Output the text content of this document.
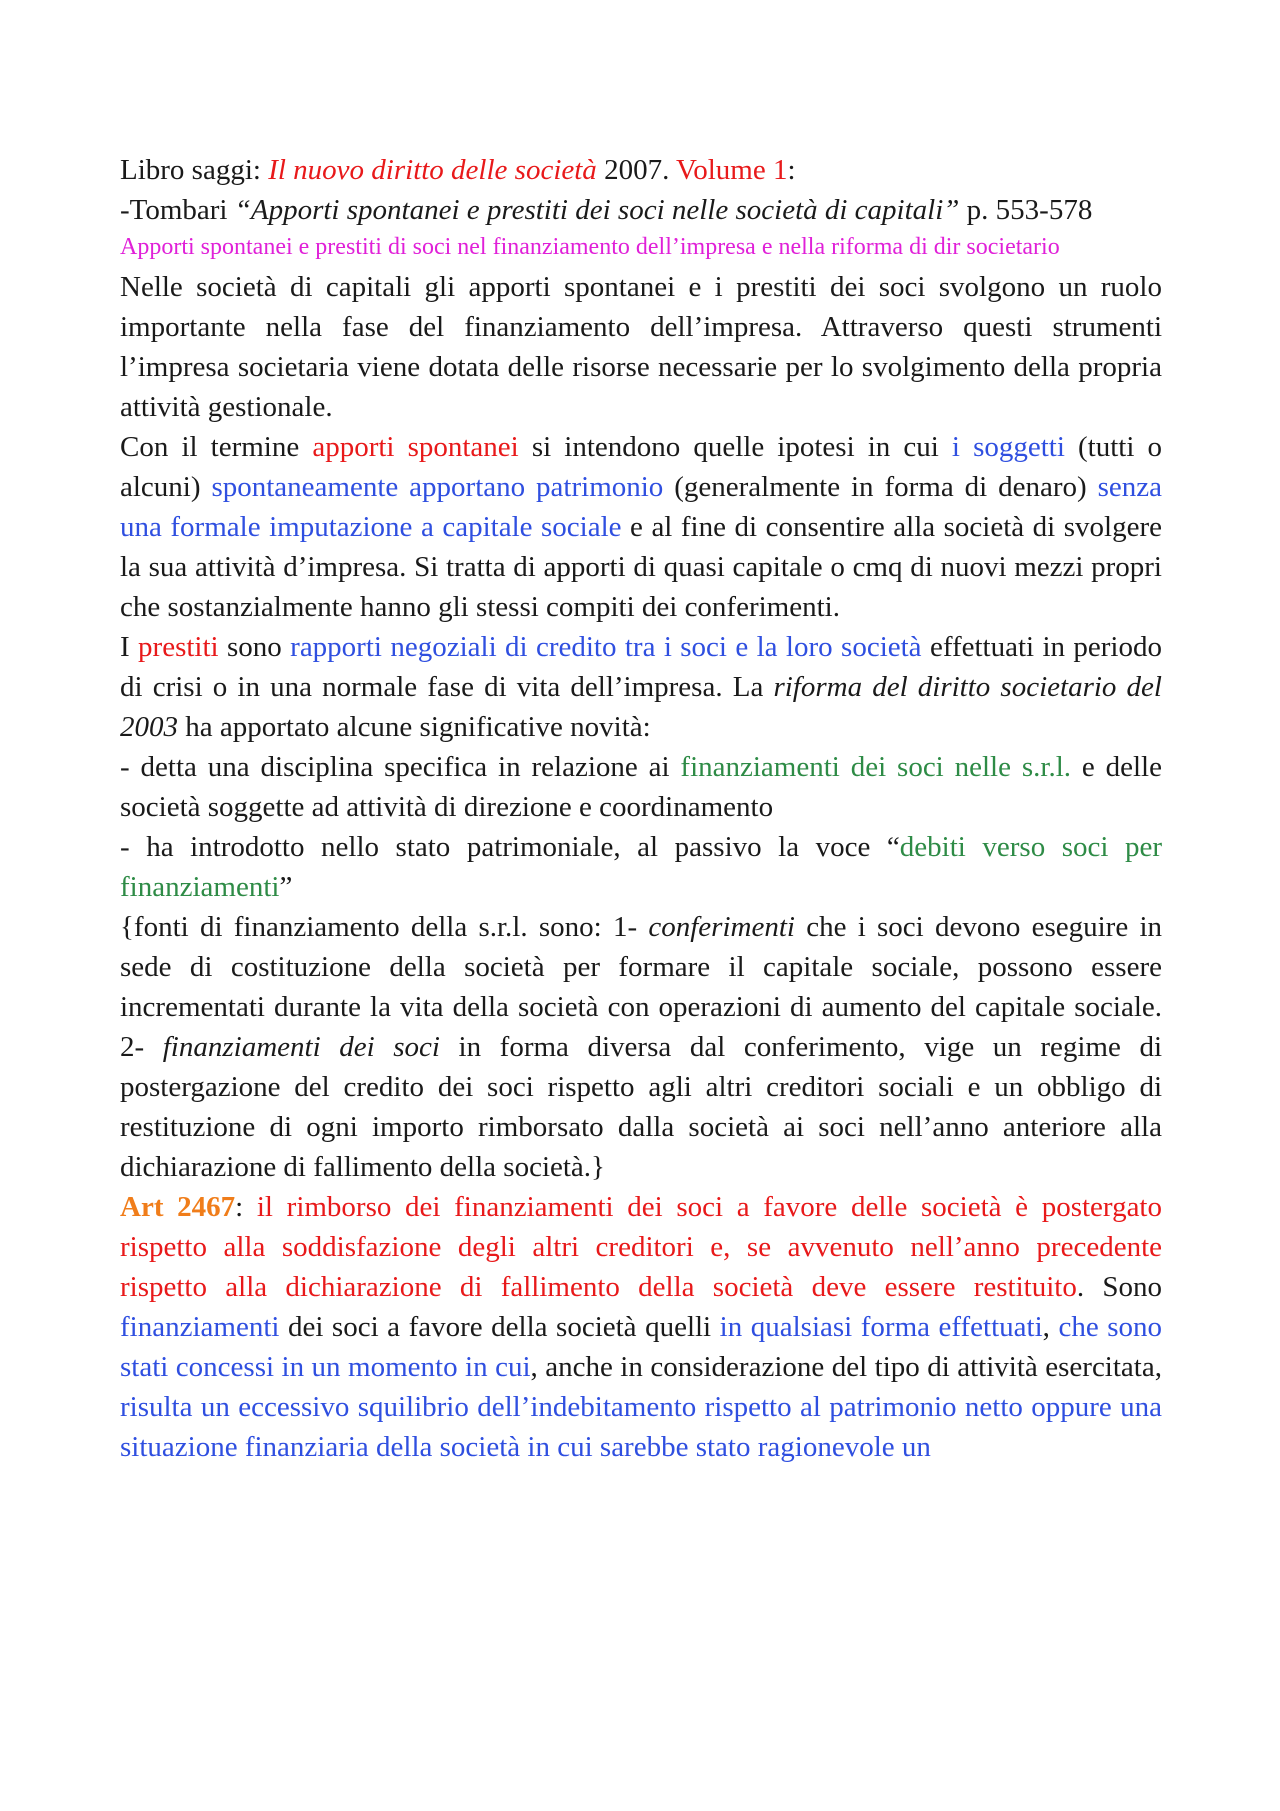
Libro saggi: Il nuovo diritto delle società 2007. Volume 1:

-Tombari “Apporti spontanei e prestiti dei soci nelle società di capitali” p. 553-578

Apporti spontanei e prestiti di soci nel finanziamento dell’impresa e nella riforma di dir societario

Nelle società di capitali gli apporti spontanei e i prestiti dei soci svolgono un ruolo importante nella fase del finanziamento dell’impresa. Attraverso questi strumenti l’impresa societaria viene dotata delle risorse necessarie per lo svolgimento della propria attività gestionale.

Con il termine apporti spontanei si intendono quelle ipotesi in cui i soggetti (tutti o alcuni) spontaneamente apportano patrimonio (generalmente in forma di denaro) senza una formale imputazione a capitale sociale e al fine di consentire alla società di svolgere la sua attività d’impresa. Si tratta di apporti di quasi capitale o cmq di nuovi mezzi propri che sostanzialmente hanno gli stessi compiti dei conferimenti.

I prestiti sono rapporti negoziali di credito tra i soci e la loro società effettuati in periodo di crisi o in una normale fase di vita dell’impresa. La riforma del diritto societario del 2003 ha apportato alcune significative novità:

- detta una disciplina specifica in relazione ai finanziamenti dei soci nelle s.r.l. e delle società soggette ad attività di direzione e coordinamento

- ha introdotto nello stato patrimoniale, al passivo la voce “debiti verso soci per finanziamenti”

{fonti di finanziamento della s.r.l. sono: 1- conferimenti che i soci devono eseguire in sede di costituzione della società per formare il capitale sociale, possono essere incrementati durante la vita della società con operazioni di aumento del capitale sociale. 2- finanziamenti dei soci in forma diversa dal conferimento, vige un regime di postergazione del credito dei soci rispetto agli altri creditori sociali e un obbligo di restituzione di ogni importo rimborsato dalla società ai soci nell’anno anteriore alla dichiarazione di fallimento della società.}

Art 2467: il rimborso dei finanziamenti dei soci a favore delle società è postergato rispetto alla soddisfazione degli altri creditori e, se avvenuto nell’anno precedente rispetto alla dichiarazione di fallimento della società deve essere restituito. Sono finanziamenti dei soci a favore della società quelli in qualsiasi forma effettuati, che sono stati concessi in un momento in cui, anche in considerazione del tipo di attività esercitata, risulta un eccessivo squilibrio dell’indebitamento rispetto al patrimonio netto oppure una situazione finanziaria della società in cui sarebbe stato ragionevole un
